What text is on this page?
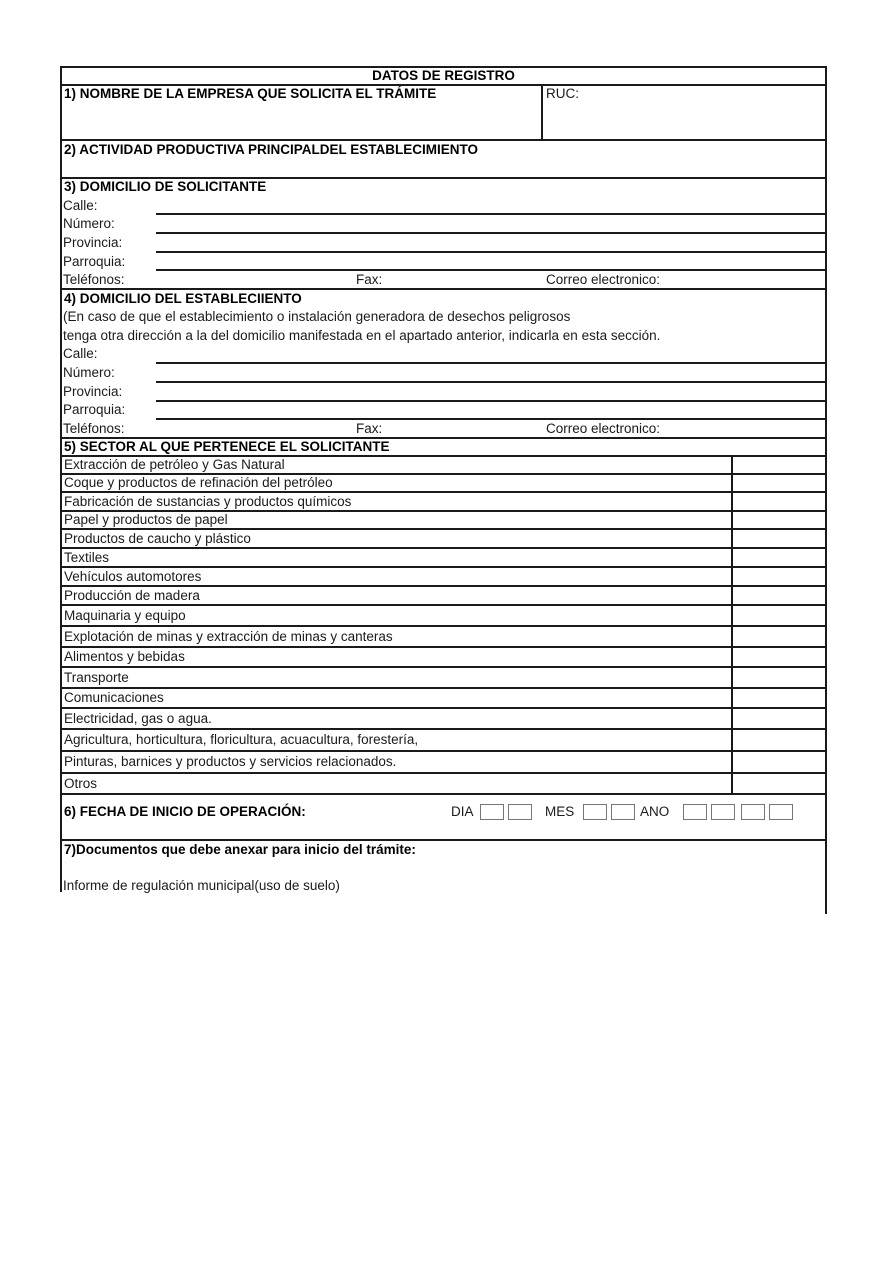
DATOS DE REGISTRO
1) NOMBRE DE LA EMPRESA QUE SOLICITA EL TRÁMITE	RUC:
2) ACTIVIDAD PRODUCTIVA PRINCIPALDEL ESTABLECIMIENTO
3) DOMICILIO DE SOLICITANTE
Calle:
Número:
Provincia:
Parroquia:
Teléfonos:	Fax:	Correo electronico:
4) DOMICILIO DEL ESTABLECIIENTO
(En caso de que el establecimiento o instalación generadora de desechos peligrosos
tenga otra dirección a la del domicilio manifestada en el apartado anterior, indicarla en esta sección.
Calle:
Número:
Provincia:
Parroquia:
Teléfonos:	Fax:	Correo electronico:
5) SECTOR AL QUE PERTENECE EL SOLICITANTE
Extracción de petróleo y Gas Natural
Coque y productos de refinación del petróleo
Fabricación de sustancias y productos químicos
Papel y productos de papel
Productos de caucho y plástico
Textiles
Vehículos automotores
Producción de madera
Maquinaria y equipo
Explotación de minas y extracción de minas y canteras
Alimentos y bebidas
Transporte
Comunicaciones
Electricidad, gas o agua.
Agricultura, horticultura, floricultura, acuacultura, forestería,
Pinturas, barnices y productos y servicios relacionados.
Otros
6) FECHA DE INICIO DE OPERACIÓN:	DIA	MES	ANO
7)Documentos que debe anexar para inicio del trámite:
Informe de regulación municipal(uso de suelo)
